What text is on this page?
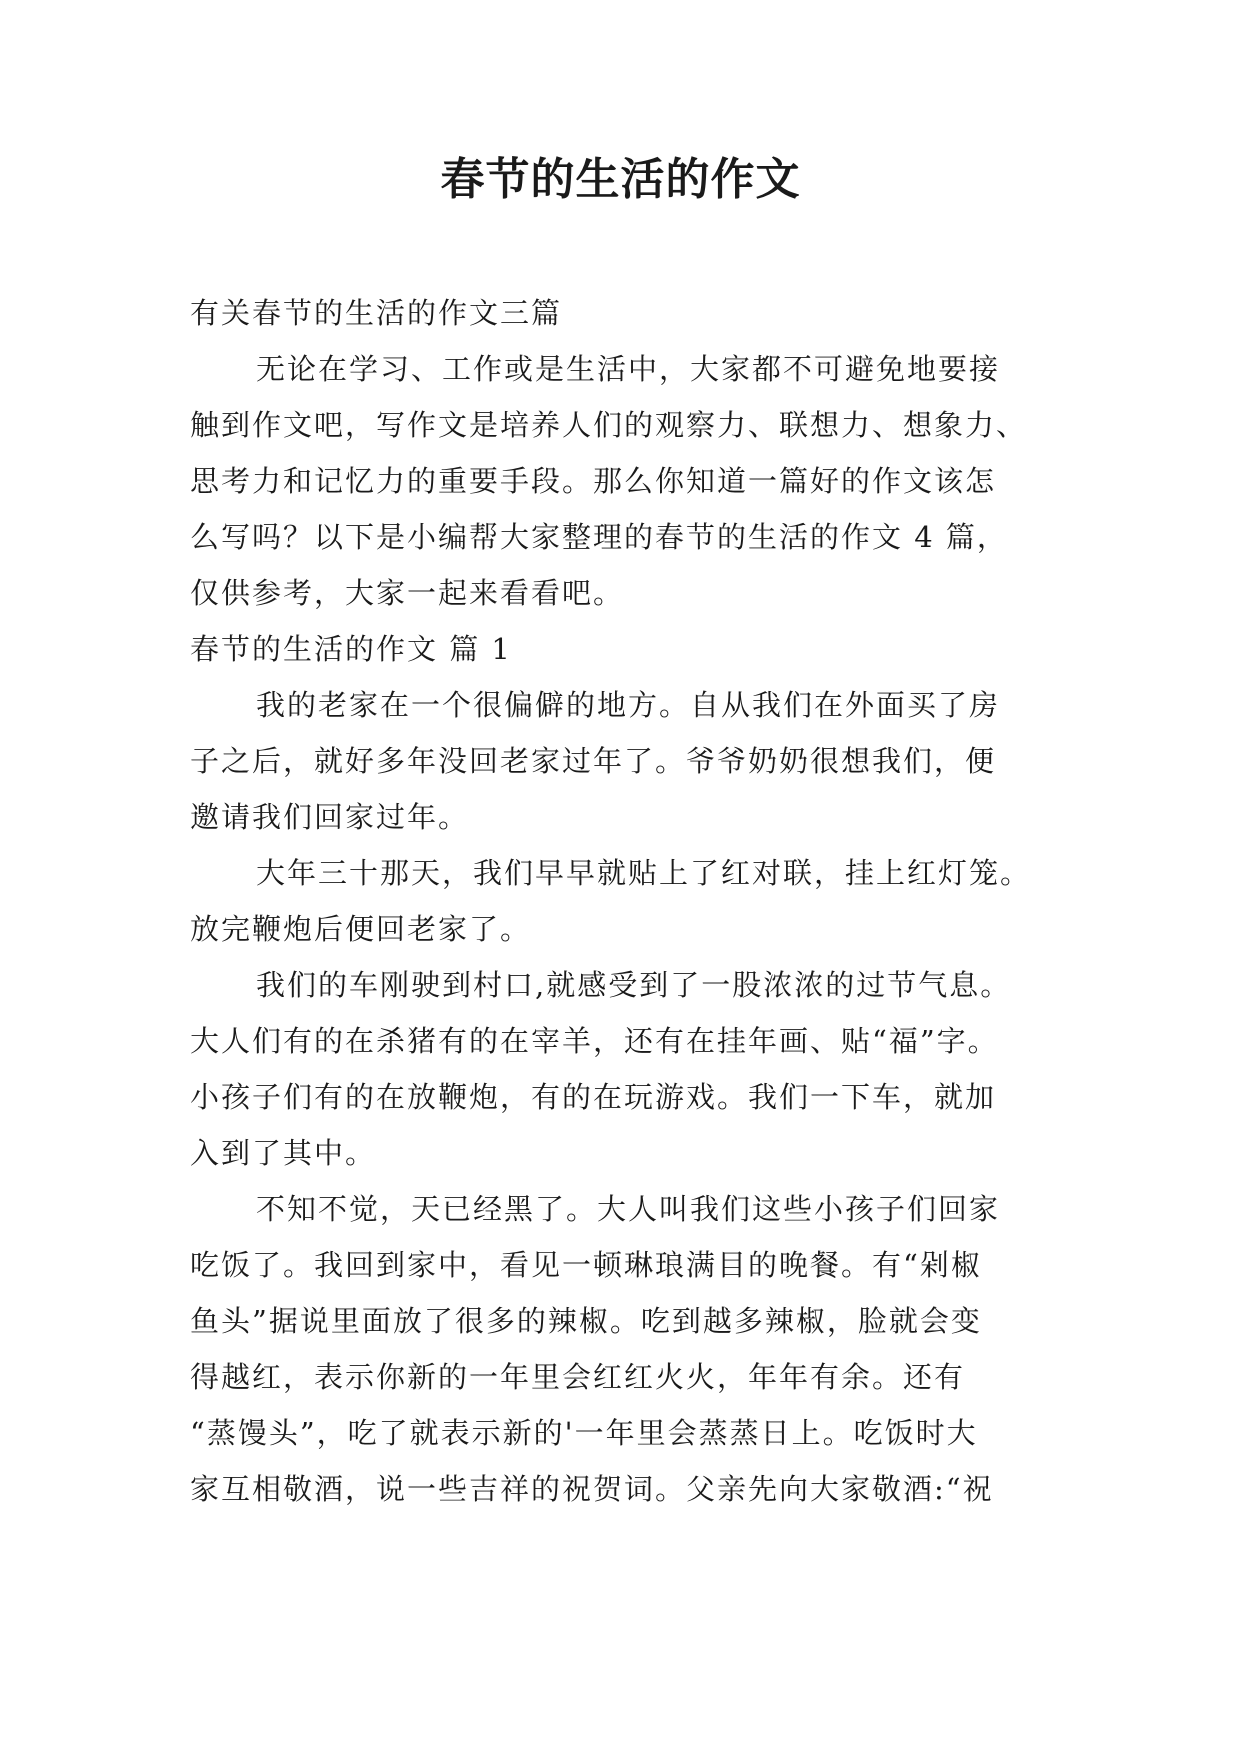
春节的生活的作文
有关春节的生活的作文三篇
无论在学习、工作或是生活中，大家都不可避免地要接
触到作文吧，写作文是培养人们的观察力、联想力、想象力、
思考力和记忆力的重要手段。那么你知道一篇好的作文该怎
么写吗？以下是小编帮大家整理的春节的生活的作文 4 篇，
仅供参考，大家一起来看看吧。
春节的生活的作文 篇 1
我的老家在一个很偏僻的地方。自从我们在外面买了房
子之后，就好多年没回老家过年了。爷爷奶奶很想我们，便
邀请我们回家过年。
大年三十那天，我们早早就贴上了红对联，挂上红灯笼。
放完鞭炮后便回老家了。
我们的车刚驶到村口,就感受到了一股浓浓的过节气息。
大人们有的在杀猪有的在宰羊，还有在挂年画、贴“福”字。
小孩子们有的在放鞭炮，有的在玩游戏。我们一下车，就加
入到了其中。
不知不觉，天已经黑了。大人叫我们这些小孩子们回家
吃饭了。我回到家中，看见一顿琳琅满目的晚餐。有“剁椒
鱼头”据说里面放了很多的辣椒。吃到越多辣椒，脸就会变
得越红，表示你新的一年里会红红火火，年年有余。还有
“蒸馒头”，吃了就表示新的'一年里会蒸蒸日上。吃饭时大
家互相敬酒，说一些吉祥的祝贺词。父亲先向大家敬酒:“祝
